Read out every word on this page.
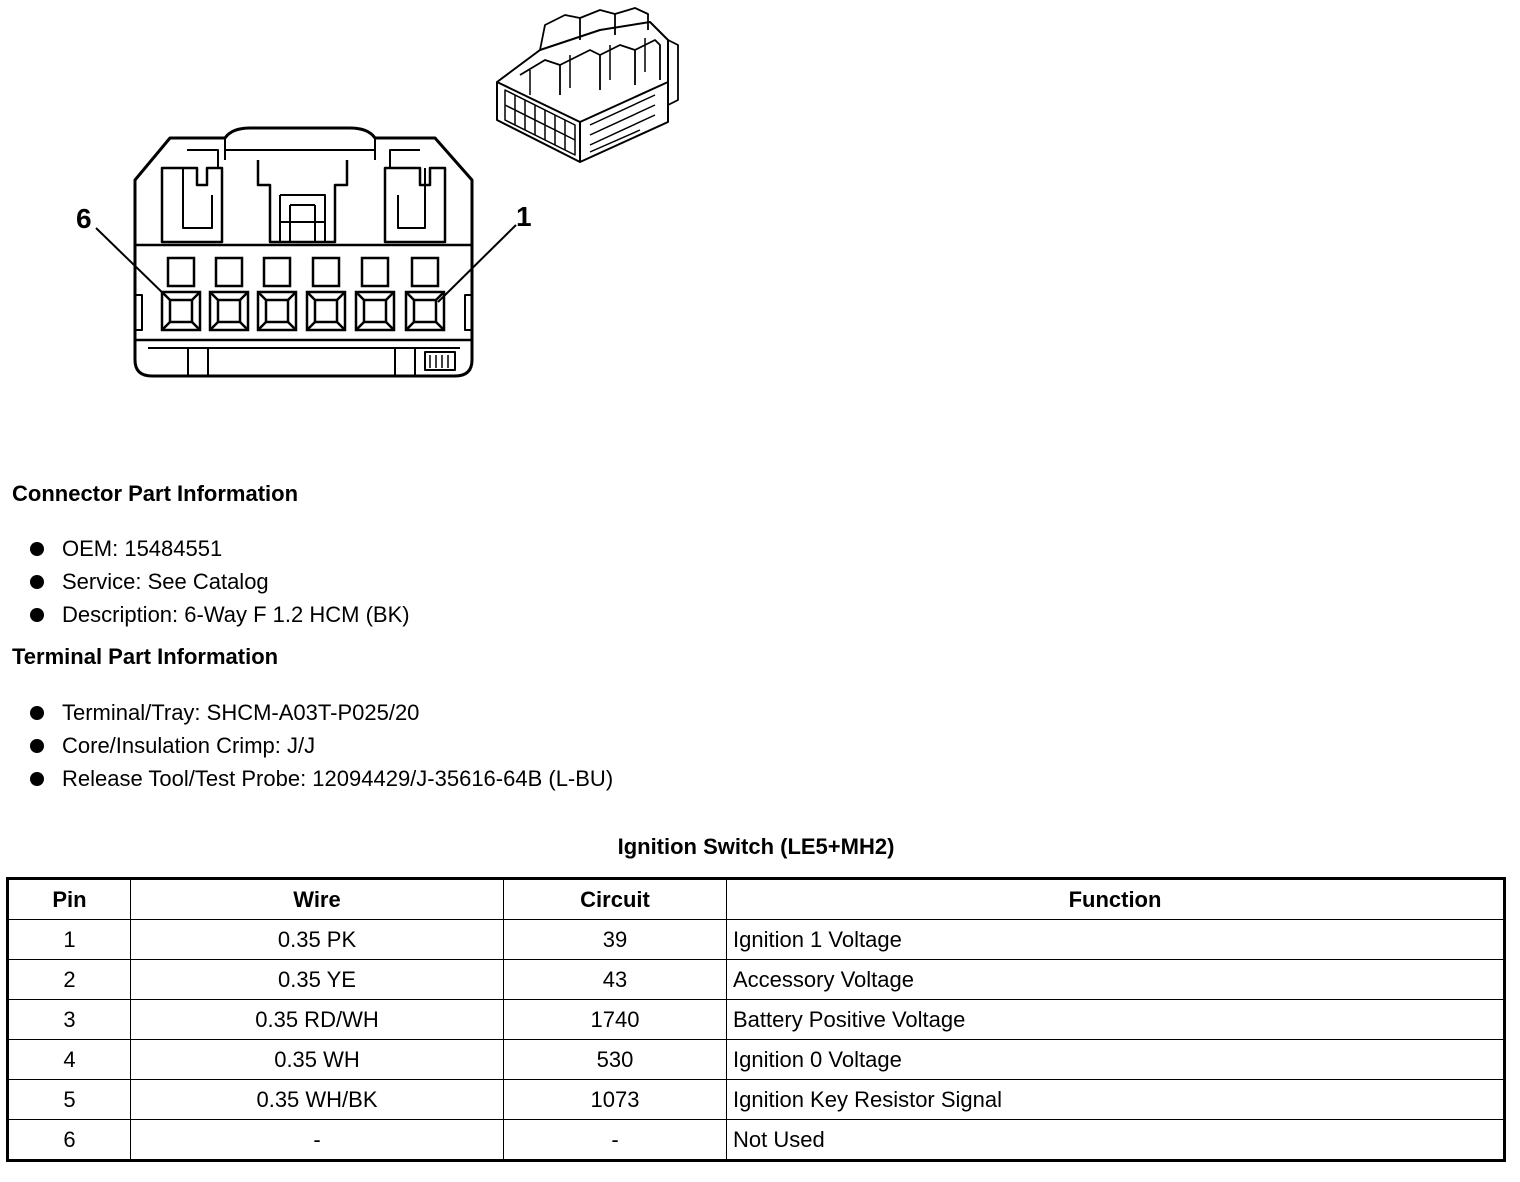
6	1
Connector Part Information
OEM: 15484551
Service: See Catalog
Description: 6-Way F 1.2 HCM (BK)
Terminal Part Information
Terminal/Tray: SHCM-A03T-P025/20
Core/Insulation Crimp: J/J
Release Tool/Test Probe: 12094429/J-35616-64B (L-BU)
Ignition Switch (LE5+MH2)
Pin	Wire	Circuit	Function
1	0.35 PK	39	Ignition 1 Voltage
2	0.35 YE	43	Accessory Voltage
3	0.35 RD/WH	1740	Battery Positive Voltage
4	0.35 WH	530	Ignition 0 Voltage
5	0.35 WH/BK	1073	Ignition Key Resistor Signal
6	-	-	Not Used
